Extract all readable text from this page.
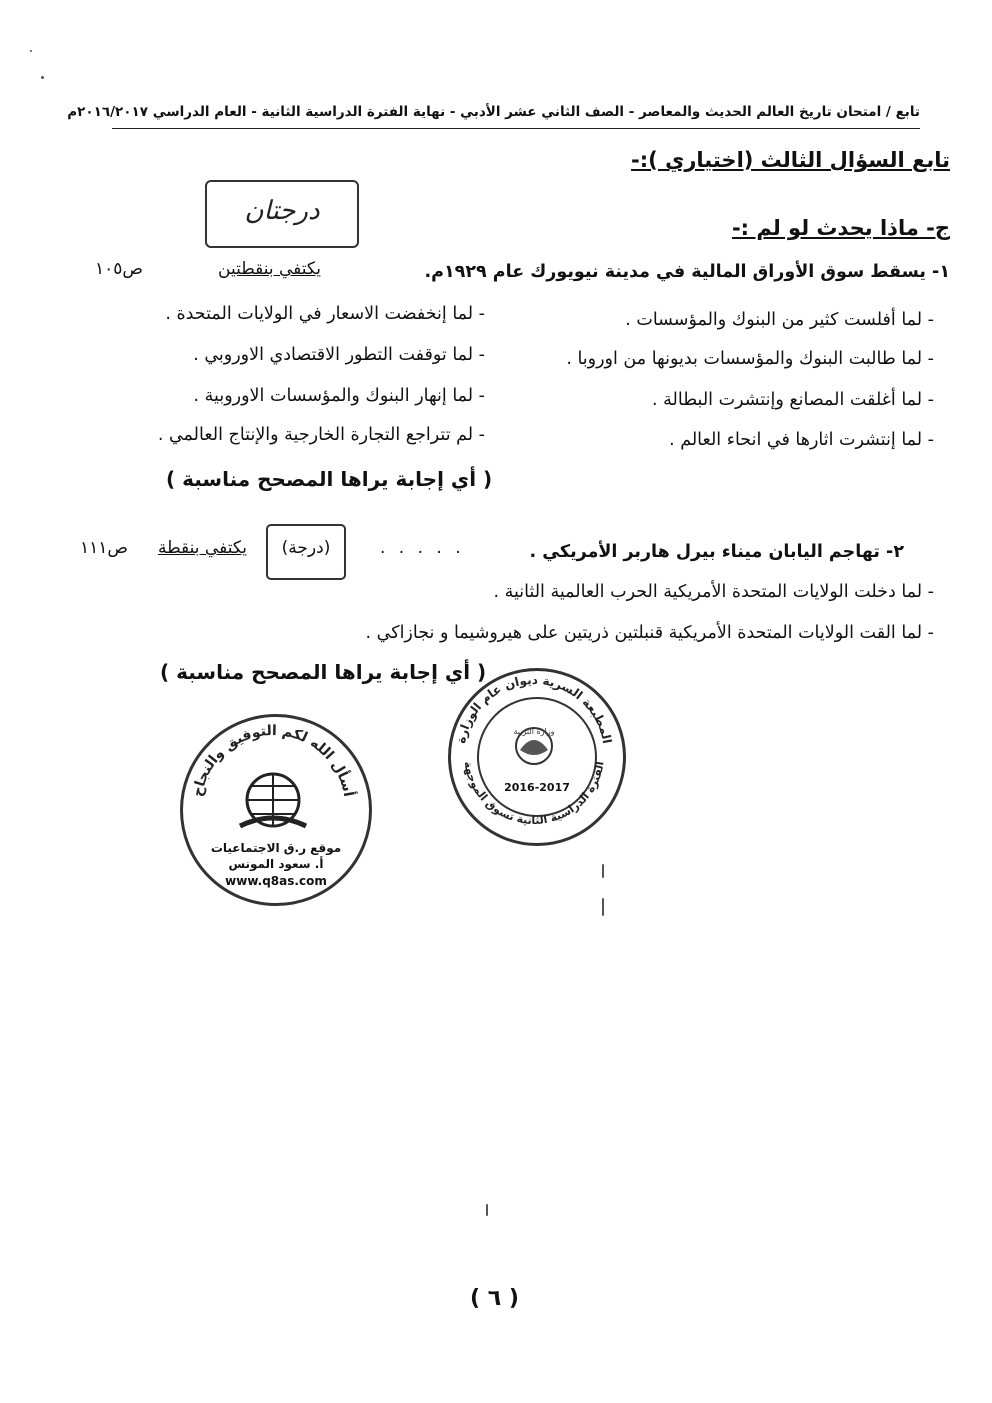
تابع / امتحان تاريخ العالم الحديث والمعاصر - الصف الثاني عشر الأدبي - نهاية الفترة الدراسية الثانية - العام الدراسي ٢٠١٦/٢٠١٧م
تابع السؤال الثالث (اختياري ):-
درجتان
ج- ماذا يحدث لو لم :-
١- يسقط سوق الأوراق المالية في مدينة نيويورك عام ١٩٢٩م.
يكتفي بنقطتين
ص١٠٥
- لما أفلست كثير من البنوك والمؤسسات .
- لما طالبت البنوك والمؤسسات بديونها من اوروبا .
- لما أغلقت المصانع وإنتشرت البطالة .
- لما إنتشرت اثارها في انحاء العالم .
- لما إنخفضت الاسعار في الولايات المتحدة .
- لما توقفت التطور الاقتصادي الاوروبي .
- لما إنهار البنوك والمؤسسات الاوروبية .
- لم تتراجع التجارة الخارجية والإنتاج العالمي .
( أي إجابة يراها المصحح مناسبة )
٢- تهاجم اليابان ميناء بيرل هاربر الأمريكي .
. . . . .
(درجة)
يكتفي بنقطة
ص١١١
- لما دخلت الولايات المتحدة الأمريكية الحرب العالمية الثانية .
- لما القت الولايات المتحدة الأمريكية قنبلتين ذريتين على هيروشيما و نجازاكي .
( أي إجابة يراها المصحح مناسبة )
أسأل الله لكم التوفيق والنجاح
موقع ر.ق الاجتماعيات
أ. سعود المونس
www.q8as.com
المطبعة السرية ديوان عام الوزارة
الفترة الدراسية الثانية تسوق الموجهة
وزارة التربية
2016-2017
( ٦ )
